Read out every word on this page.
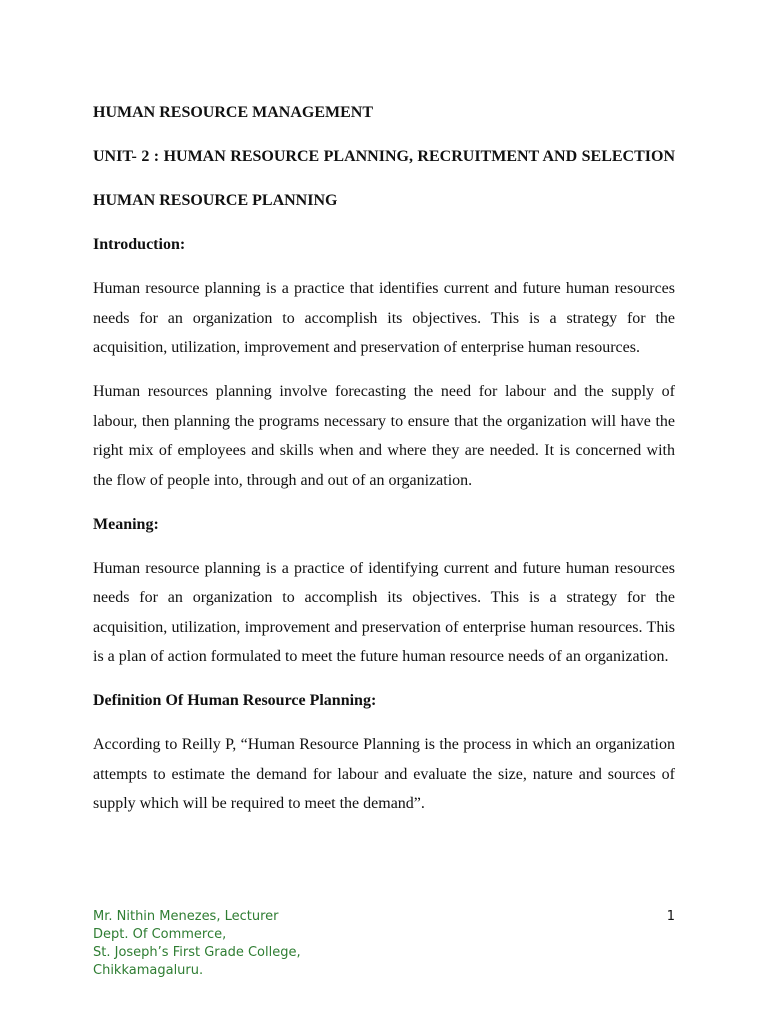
HUMAN RESOURCE MANAGEMENT

UNIT- 2 : HUMAN RESOURCE PLANNING, RECRUITMENT AND SELECTION

HUMAN RESOURCE PLANNING

Introduction:

Human resource planning is a practice that identifies current and future human resources needs for an organization to accomplish its objectives. This is a strategy for the acquisition, utilization, improvement and preservation of enterprise human resources.

Human resources planning involve forecasting the need for labour and the supply of labour, then planning the programs necessary to ensure that the organization will have the right mix of employees and skills when and where they are needed. It is concerned with the flow of people into, through and out of an organization.

Meaning:

Human resource planning is a practice of identifying current and future human resources needs for an organization to accomplish its objectives. This is a strategy for the acquisition, utilization, improvement and preservation of enterprise human resources. This is a plan of action formulated to meet the future human resource needs of an organization.

Definition Of Human Resource Planning:

According to Reilly P, “Human Resource Planning is the process in which an organization attempts to estimate the demand for labour and evaluate the size, nature and sources of supply which will be required to meet the demand”.

Mr. Nithin Menezes, Lecturer
Dept. Of Commerce,
St. Joseph’s First Grade College,
Chikkamagaluru.
1
